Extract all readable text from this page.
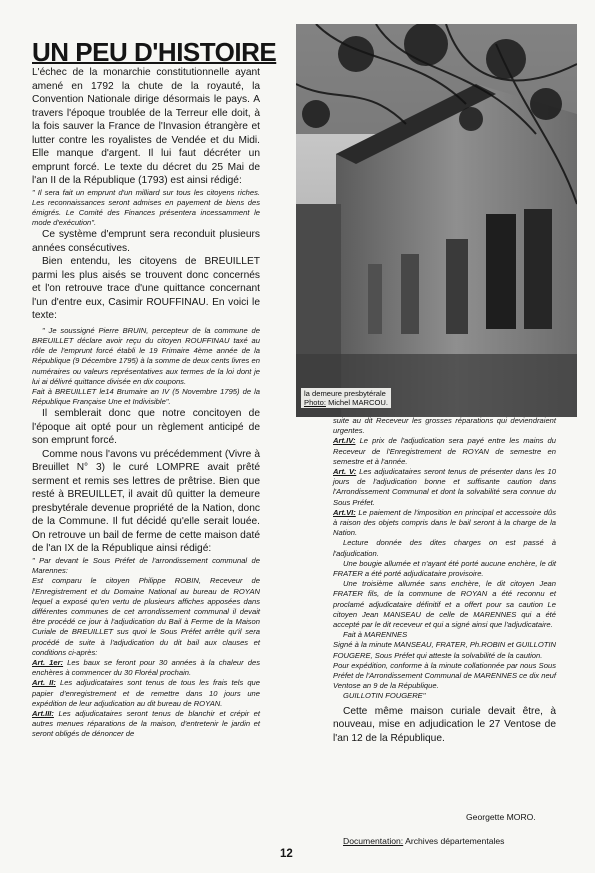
UN PEU D'HISTOIRE

L'échec de la monarchie constitutionnelle ayant amené en 1792 la chute de la royauté, la Convention Nationale dirige désormais le pays. A travers l'époque troublée de la Terreur elle doit, à la fois sauver la France de l'Invasion étrangère et lutter contre les royalistes de Vendée et du Midi. Elle manque d'argent. Il lui faut décréter un emprunt forcé. Le texte du décret du 25 Mai de l'an II de la République (1793) est ainsi rédigé:

" Il sera fait un emprunt d'un milliard sur tous les citoyens riches. Les reconnaissances seront admises en payement de biens des émigrés. Le Comité des Finances présentera incessamment le mode d'exécution".

Ce système d'emprunt sera reconduit plusieurs années consécutives.

Bien entendu, les citoyens de BREUILLET parmi les plus aisés se trouvent donc concernés et l'on retrouve trace d'une quittance concernant l'un d'entre eux, Casimir ROUFFINAU. En voici le texte:

" Je soussigné Pierre BRUIN, percepteur de la commune de BREUILLET déclare avoir reçu du citoyen ROUFFINAU taxé au rôle de l'emprunt forcé établi le 19 Frimaire 4ème année de la République (9 Décembre 1795) à la somme de deux cents livres en numéraires ou valeurs représentatives aux termes de la loi dont je lui ai délivré quittance divisée en dix coupons.

Fait à BREUILLET le14 Brumaire an IV (5 Novembre 1795) de la République Française Une et Indivisible".

Il semblerait donc que notre concitoyen de l'époque ait opté pour un règlement anticipé de son emprunt forcé.

Comme nous l'avons vu précédemment (Vivre à Breuillet N° 3) le curé LOMPRE avait prêté serment et remis ses lettres de prêtrise. Bien que resté à BREUILLET, il avait dû quitter la demeure presbytérale devenue propriété de la Nation, donc de la Commune. Il fut décidé qu'elle serait louée. On retrouve un bail de ferme de cette maison daté de l'an IX de la République ainsi rédigé:

" Par devant le Sous Préfet de l'arrondissement communal de Marennes:

Est comparu le citoyen Philippe ROBIN, Receveur de l'Enregistrement et du Domaine National au bureau de ROYAN lequel a exposé qu'en vertu de plusieurs affiches apposées dans différentes communes de cet arrondissement communal il devait être procédé ce jour à l'adjudication du Bail à Ferme de la Maison Curiale de BREUILLET sus quoi le Sous Préfet arrête qu'il sera procédé de suite à l'adjudication du dit bail aux clauses et conditions ci-après:

Art. 1er: Les baux se feront pour 30 années à la chaleur des enchères à commencer du 30 Floréal prochain.

Art. II: Les adjudicataires sont tenus de tous les frais tels que papier d'enregistrement et de remettre dans 10 jours une expédition de leur adjudication au dit bureau de ROYAN.

Art.III: Les adjudicataires seront tenus de blanchir et crépir et autres menues réparations de la maison, d'entretenir le jardin et seront obligés de dénoncer de

la demeure presbytérale
Photo: Michel MARCOU.

suite au dit Receveur les grosses réparations qui deviendraient urgentes.

Art.IV: Le prix de l'adjudication sera payé entre les mains du Receveur de l'Enregistrement de ROYAN de semestre en semestre et à l'année.

Art. V: Les adjudicataires seront tenus de présenter dans les 10 jours de l'adjudication bonne et suffisante caution dans l'Arrondissement Communal et dont la solvabilité sera connue du Sous Préfet.

Art.VI: Le paiement de l'imposition en principal et accessoire dûs à raison des objets compris dans le bail seront à la charge de la Nation.

Lecture donnée des dites charges on est passé à l'adjudication.

Une bougie allumée et n'ayant été porté aucune enchère, le dit FRATER a été porté adjudicataire provisoire.

Une troisième allumée sans enchère, le dit citoyen Jean FRATER fils, de la commune de ROYAN a été reconnu et proclamé adjudicataire définitif et a offert pour sa caution Le citoyen Jean MANSEAU de celle de MARENNES qui a été accepté par le dit receveur et qui a signé ainsi que l'adjudicataire.

Fait à MARENNES

Signé à la minute MANSEAU, FRATER, Ph.ROBIN et GUILLOTIN FOUGERE, Sous Préfet qui atteste la solvabilité de la caution.

Pour expédition, conforme à la minute collationnée par nous Sous Préfet de l'Arrondissement Communal de MARENNES ce dix neuf Ventose an 9 de la République.

GUILLOTIN FOUGERE"

Cette même maison curiale devait être, à nouveau, mise en adjudication le 27 Ventose de l'an 12 de la République.

Georgette MORO.
Documentation: Archives départementales
12
